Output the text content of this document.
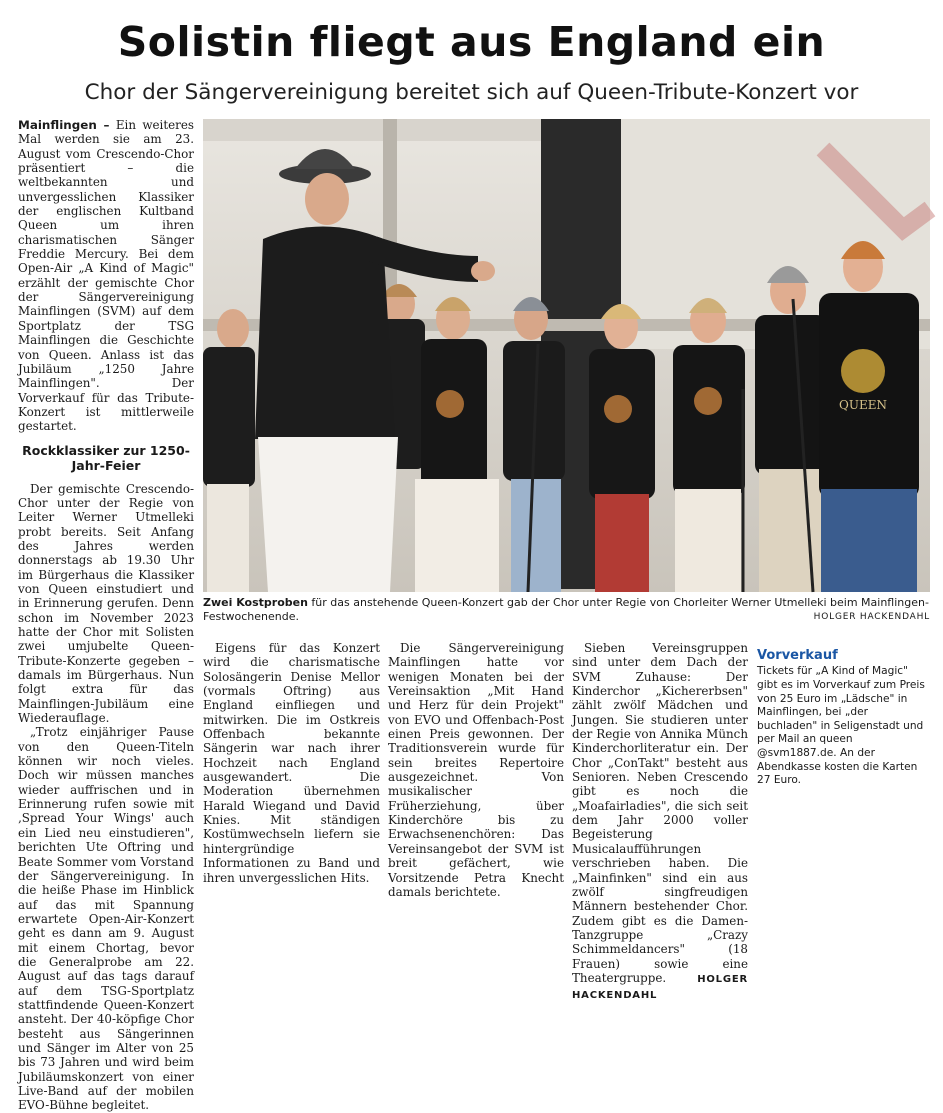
Solistin fliegt aus England ein
Chor der Sängervereinigung bereitet sich auf Queen-Tribute-Konzert vor

Mainflingen – Ein weiteres Mal werden sie am 23. August vom Crescendo-Chor präsentiert – die weltbekannten und unvergesslichen Klassiker der englischen Kultband Queen um ihren charismatischen Sänger Freddie Mercury. Bei dem Open-Air „A Kind of Magic" erzählt der gemischte Chor der Sängervereinigung Mainflingen (SVM) auf dem Sportplatz der TSG Mainflingen die Geschichte von Queen. Anlass ist das Jubiläum „1250 Jahre Mainflingen". Der Vorverkauf für das Tribute-Konzert ist mittlerweile gestartet.

Rockklassiker zur 1250-Jahr-Feier

Der gemischte Crescendo-Chor unter der Regie von Leiter Werner Utmelleki probt bereits. Seit Anfang des Jahres werden donnerstags ab 19.30 Uhr im Bürgerhaus die Klassiker von Queen einstudiert und in Erinnerung gerufen. Denn schon im November 2023 hatte der Chor mit Solisten zwei umjubelte Queen-Tribute-Konzerte gegeben – damals im Bürgerhaus. Nun folgt extra für das Mainflingen-Jubiläum eine Wiederauflage.

„Trotz einjähriger Pause von den Queen-Titeln können wir noch vieles. Doch wir müssen manches wieder auffrischen und in Erinnerung rufen sowie mit ‚Spread Your Wings' auch ein Lied neu einstudieren", berichten Ute Oftring und Beate Sommer vom Vorstand der Sängervereinigung. In die heiße Phase im Hinblick auf das mit Spannung erwartete Open-Air-Konzert geht es dann am 9. August mit einem Chortag, bevor die Generalprobe am 22. August auf das tags darauf auf dem TSG-Sportplatz stattfindende Queen-Konzert ansteht. Der 40-köpfige Chor besteht aus Sängerinnen und Sänger im Alter von 25 bis 73 Jahren und wird beim Jubiläumskonzert von einer Live-Band auf der mobilen EVO-Bühne begleitet.

QUEEN
Zwei Kostproben für das anstehende Queen-Konzert gab der Chor unter Regie von Chorleiter Werner Utmelleki beim Mainflingen-Festwochenende.	HOLGER HACKENDAHL

Eigens für das Konzert wird die charismatische Solosängerin Denise Mellor (vormals Oftring) aus England einfliegen und mitwirken. Die im Ostkreis Offenbach bekannte Sängerin war nach ihrer Hochzeit nach England ausgewandert. Die Moderation übernehmen Harald Wiegand und David Knies. Mit ständigen Kostümwechseln liefern sie hintergründige Informationen zu Band und ihren unvergesslichen Hits.

Die Sängervereinigung Mainflingen hatte vor wenigen Monaten bei der Vereinsaktion „Mit Hand und Herz für dein Projekt" von EVO und Offenbach-Post einen Preis gewonnen. Der Traditionsverein wurde für sein breites Repertoire ausgezeichnet. Von musikalischer Früherziehung, über Kinderchöre bis zu Erwachsenenchören: Das Vereinsangebot der SVM ist breit gefächert, wie Vorsitzende Petra Knecht damals berichtete.

Sieben Vereinsgruppen sind unter dem Dach der SVM Zuhause: Der Kinderchor „Kichererbsen" zählt zwölf Mädchen und Jungen. Sie studieren unter der Regie von Annika Münch Kinderchorliteratur ein. Der Chor „ConTakt" besteht aus Senioren. Neben Crescendo gibt es noch die „Moafairladies", die sich seit dem Jahr 2000 voller Begeisterung Musicalaufführungen verschrieben haben. Die „Mainfinken" sind ein aus zwölf singfreudigen Männern bestehender Chor. Zudem gibt es die Damen-Tanzgruppe „Crazy Schimmeldancers" (18 Frauen) sowie eine Theatergruppe.	HOLGER HACKENDAHL

Vorverkauf

Tickets für „A Kind of Magic" gibt es im Vorverkauf zum Preis von 25 Euro im „Lädsche" in Mainflingen, bei „der buchladen" in Seligenstadt und per Mail an queen @svm1887.de. An der Abendkasse kosten die Karten 27 Euro.
